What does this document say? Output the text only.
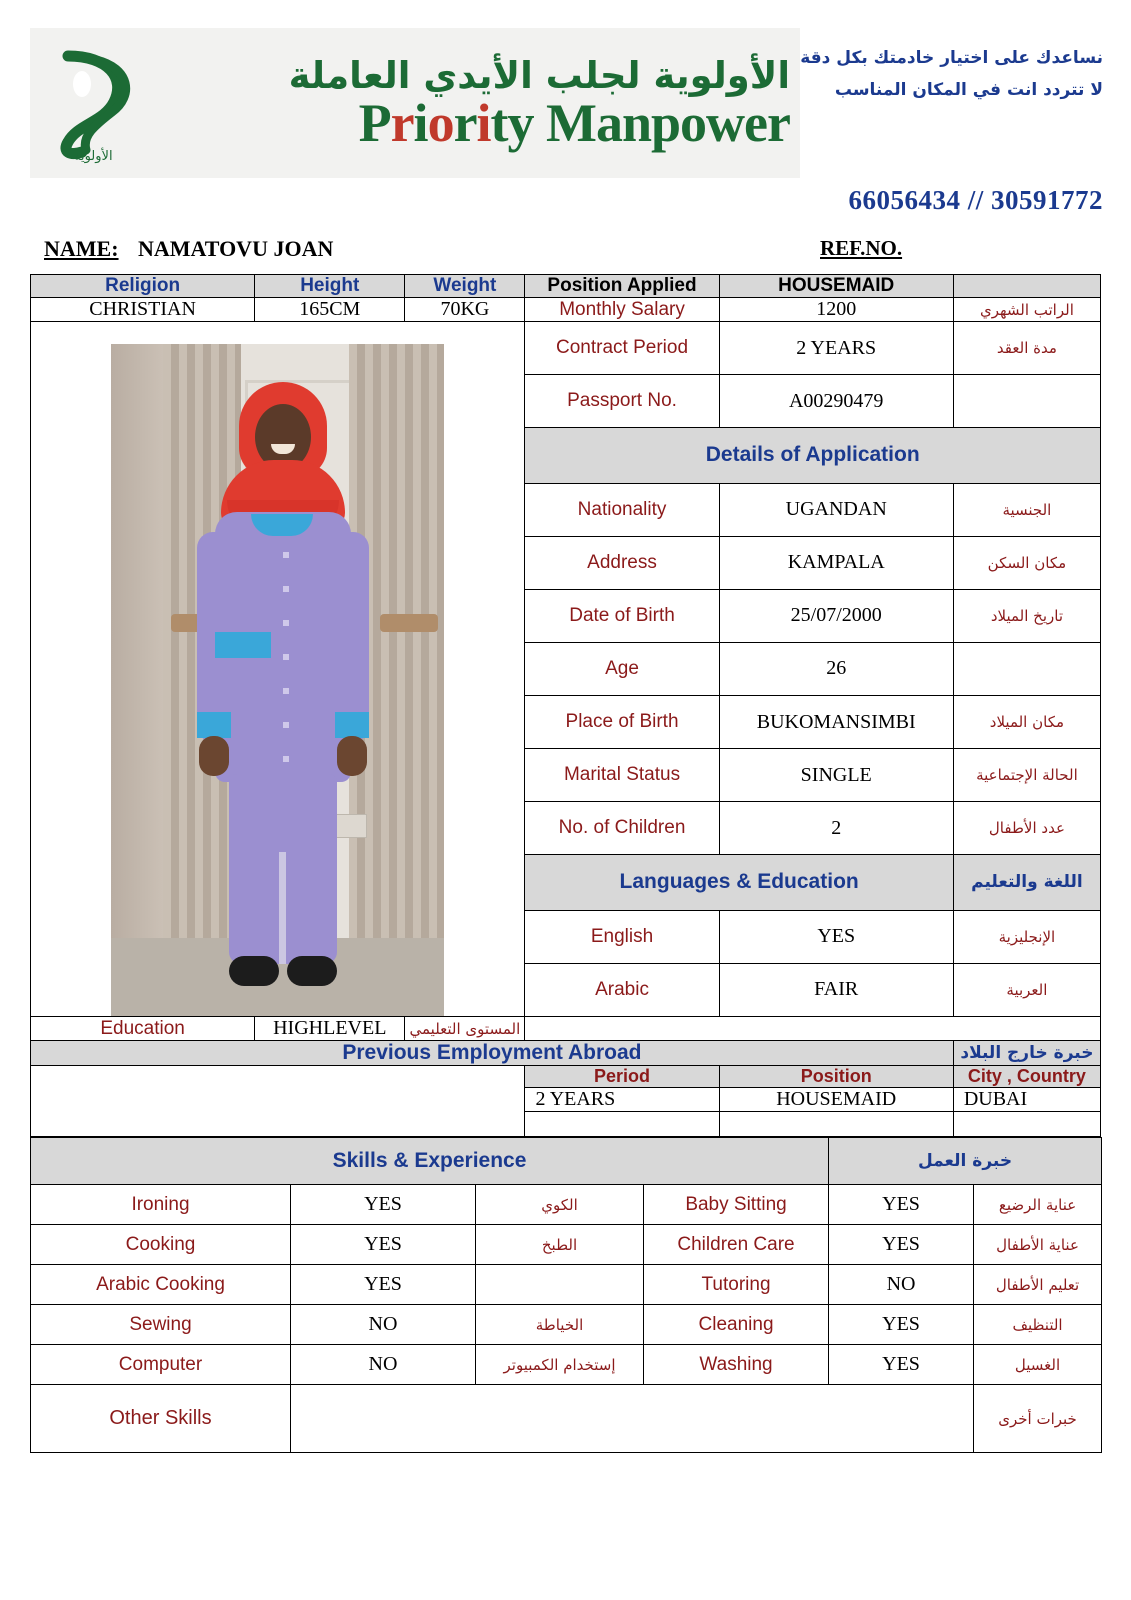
الأولوية
الأولوية لجلب الأيدي العاملة
Priority Manpower
نساعدك على اختيار خادمتك بكل دقة
لا تتردد انت في المكان المناسب
66056434 // 30591772
NAME: NAMATOVU JOAN	REF.NO.
Religion	Height	Weight	Position Applied	HOUSEMAID	
CHRISTIAN	165CM	70KG	Monthly Salary	1200	الراتب الشهري

			Contract Period	2 YEARS	مدة العقد
			Passport No.	A00290479	
			Details of Application		
			Nationality	UGANDAN	الجنسية
			Address	KAMPALA	مكان السكن
			Date of Birth	25/07/2000	تاريخ الميلاد
			Age	26	
			Place of Birth	BUKOMANSIMBI	مكان الميلاد
			Marital Status	SINGLE	الحالة الإجتماعية
			No. of Children	2	عدد الأطفال
			Languages & Education		اللغة والتعليم
			English	YES	الإنجليزية
			Arabic	FAIR	العربية
Education	HIGHLEVEL	المستوى التعليمي			
Previous Employment Abroad					خبرة خارج البلاد
			Period	Position	City , Country
			2 YEARS	HOUSEMAID	DUBAI

Skills & Experience				خبرة العمل	
Ironing	YES	الكوي	Baby Sitting	YES	عناية الرضيع
Cooking	YES	الطبخ	Children Care	YES	عناية الأطفال
Arabic Cooking	YES		Tutoring	NO	تعليم الأطفال
Sewing	NO	الخياطة	Cleaning	YES	التنظيف
Computer	NO	إستخدام الكمبيوتر	Washing	YES	الغسيل
Other Skills					خبرات أخرى
